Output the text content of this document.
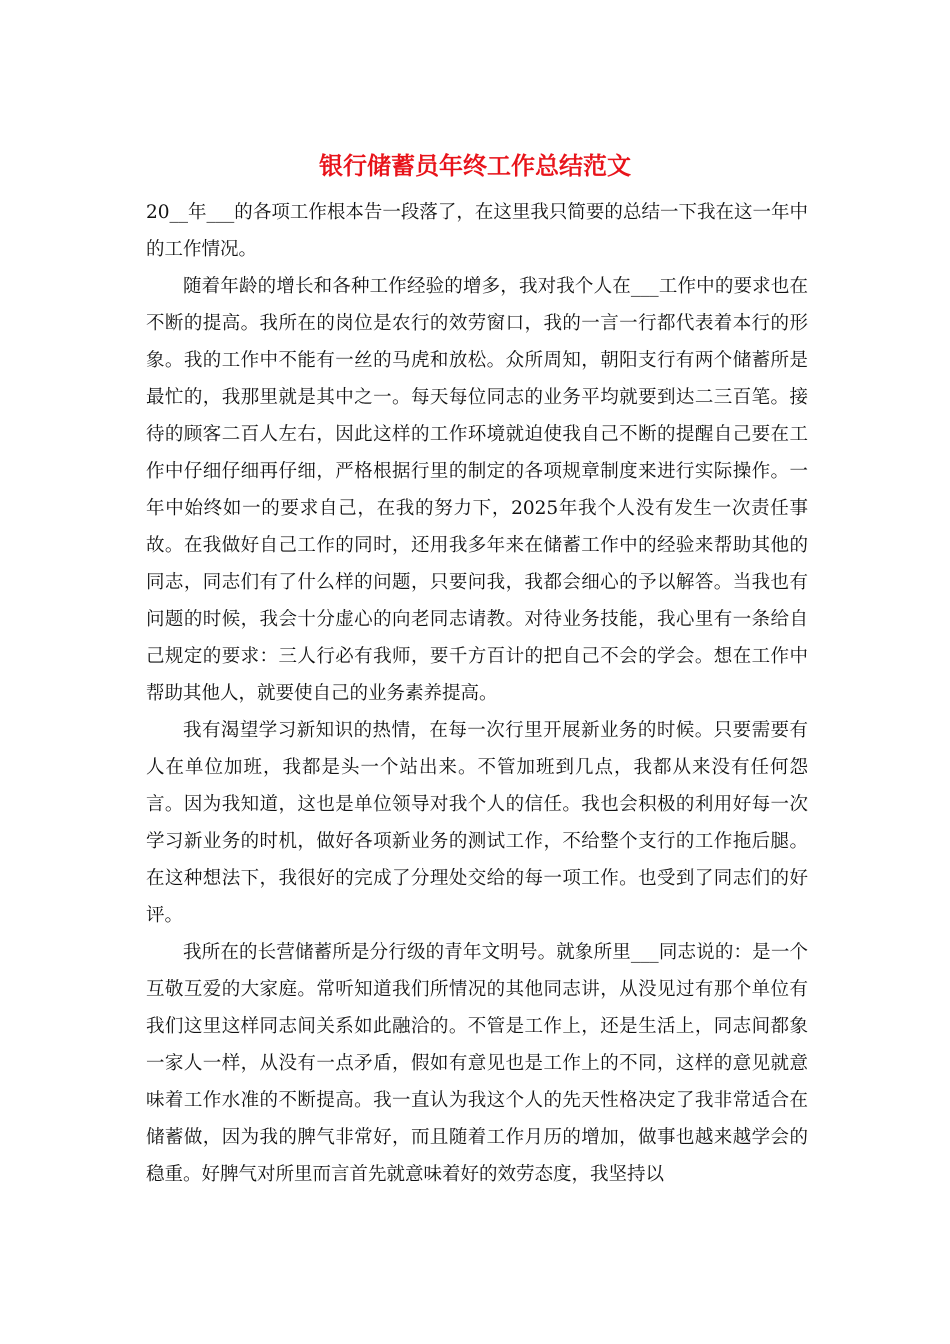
银行储蓄员年终工作总结范文

20__年___的各项工作根本告一段落了，在这里我只简要的总结一下我在这一年中的工作情况。

随着年龄的增长和各种工作经验的增多，我对我个人在___工作中的要求也在不断的提高。我所在的岗位是农行的效劳窗口，我的一言一行都代表着本行的形象。我的工作中不能有一丝的马虎和放松。众所周知，朝阳支行有两个储蓄所是最忙的，我那里就是其中之一。每天每位同志的业务平均就要到达二三百笔。接待的顾客二百人左右，因此这样的工作环境就迫使我自己不断的提醒自己要在工作中仔细仔细再仔细，严格根据行里的制定的各项规章制度来进行实际操作。一年中始终如一的要求自己，在我的努力下，2025年我个人没有发生一次责任事故。在我做好自己工作的同时，还用我多年来在储蓄工作中的经验来帮助其他的同志，同志们有了什么样的问题，只要问我，我都会细心的予以解答。当我也有问题的时候，我会十分虚心的向老同志请教。对待业务技能，我心里有一条给自己规定的要求：三人行必有我师，要千方百计的把自己不会的学会。想在工作中帮助其他人，就要使自己的业务素养提高。

我有渴望学习新知识的热情，在每一次行里开展新业务的时候。只要需要有人在单位加班，我都是头一个站出来。不管加班到几点，我都从来没有任何怨言。因为我知道，这也是单位领导对我个人的信任。我也会积极的利用好每一次学习新业务的时机，做好各项新业务的测试工作，不给整个支行的工作拖后腿。在这种想法下，我很好的完成了分理处交给的每一项工作。也受到了同志们的好评。

我所在的长营储蓄所是分行级的青年文明号。就象所里___同志说的：是一个互敬互爱的大家庭。常听知道我们所情况的其他同志讲，从没见过有那个单位有我们这里这样同志间关系如此融洽的。不管是工作上，还是生活上，同志间都象一家人一样，从没有一点矛盾，假如有意见也是工作上的不同，这样的意见就意味着工作水准的不断提高。我一直认为我这个人的先天性格决定了我非常适合在储蓄做，因为我的脾气非常好，而且随着工作月历的增加，做事也越来越学会的稳重。好脾气对所里而言首先就意味着好的效劳态度，我坚持以
